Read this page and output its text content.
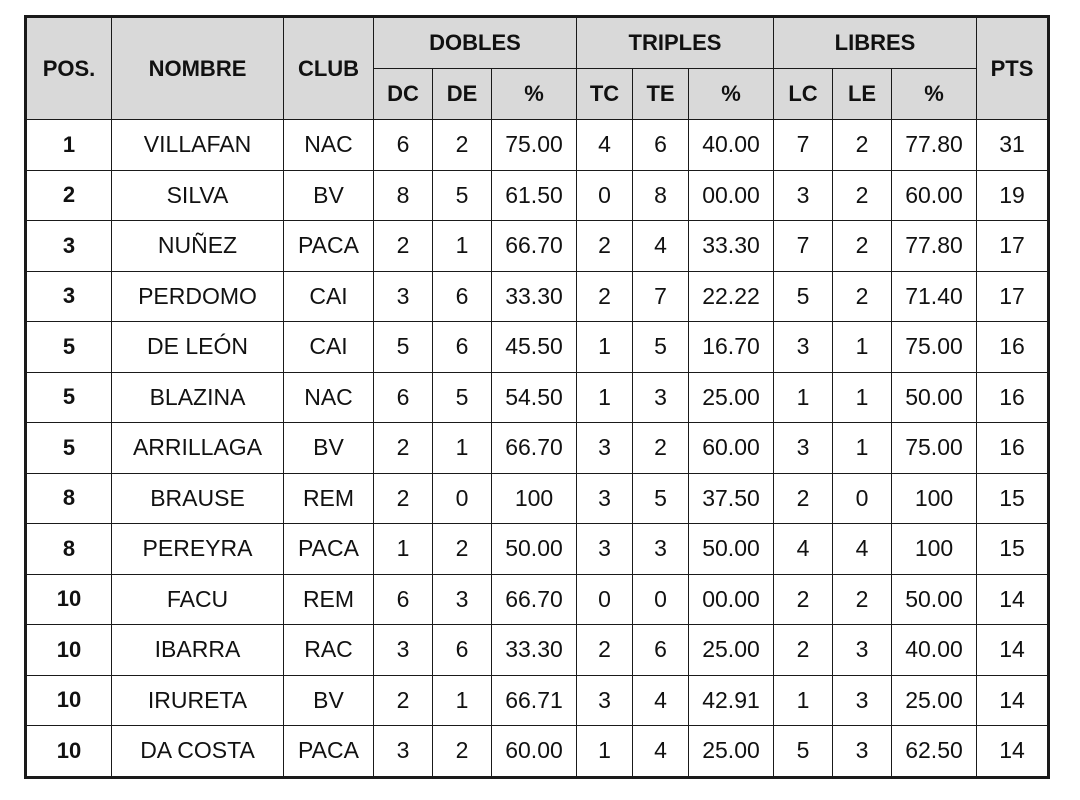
POS.	NOMBRE	CLUB	DOBLES			TRIPLES			LIBRES			PTS
			DC	DE	%	TC	TE	%	LC	LE	%	
1	VILLAFAN	NAC	6	2	75.00	4	6	40.00	7	2	77.80	31
2	SILVA	BV	8	5	61.50	0	8	00.00	3	2	60.00	19
3	NUÑEZ	PACA	2	1	66.70	2	4	33.30	7	2	77.80	17
3	PERDOMO	CAI	3	6	33.30	2	7	22.22	5	2	71.40	17
5	DE LEÓN	CAI	5	6	45.50	1	5	16.70	3	1	75.00	16
5	BLAZINA	NAC	6	5	54.50	1	3	25.00	1	1	50.00	16
5	ARRILLAGA	BV	2	1	66.70	3	2	60.00	3	1	75.00	16
8	BRAUSE	REM	2	0	100	3	5	37.50	2	0	100	15
8	PEREYRA	PACA	1	2	50.00	3	3	50.00	4	4	100	15
10	FACU	REM	6	3	66.70	0	0	00.00	2	2	50.00	14
10	IBARRA	RAC	3	6	33.30	2	6	25.00	2	3	40.00	14
10	IRURETA	BV	2	1	66.71	3	4	42.91	1	3	25.00	14
10	DA COSTA	PACA	3	2	60.00	1	4	25.00	5	3	62.50	14
